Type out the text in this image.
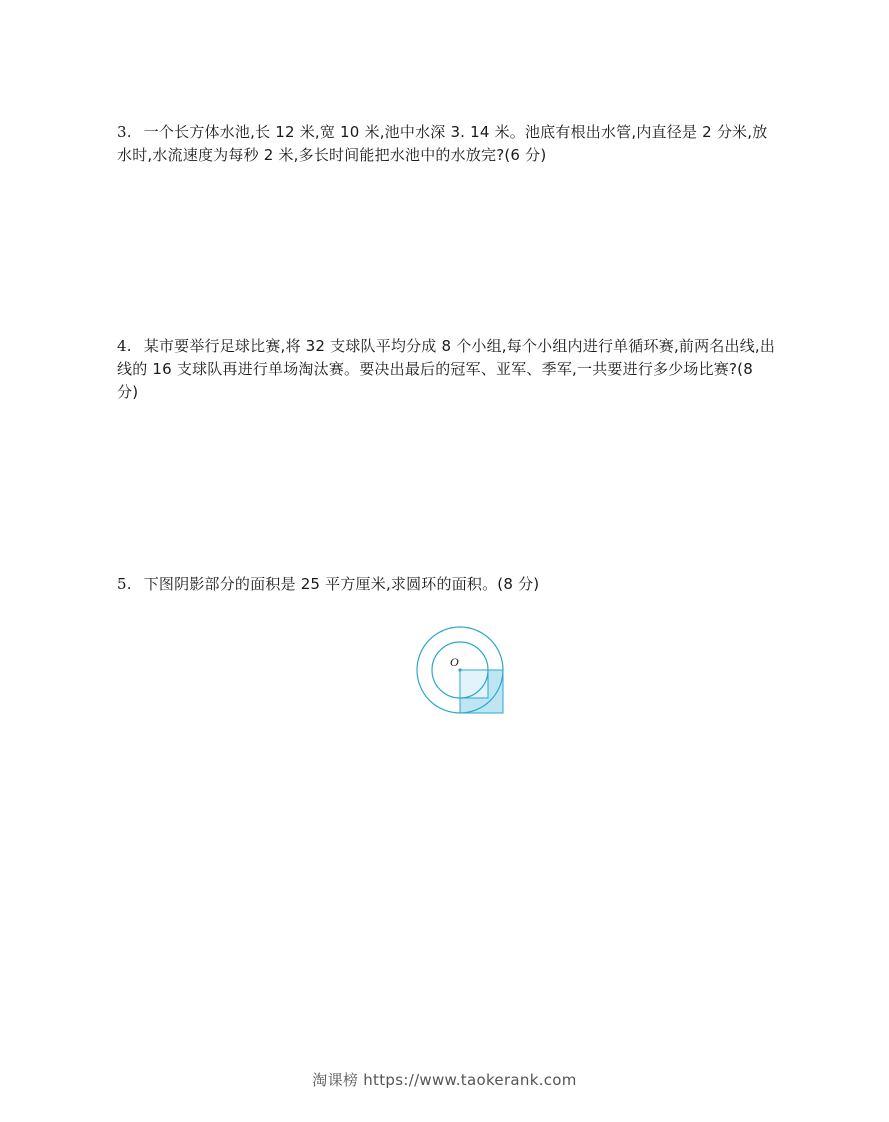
3. 一个长方体水池,长 12 米,宽 10 米,池中水深 3. 14 米。池底有根出水管,内直径是 2 分米,放水时,水流速度为每秒 2 米,多长时间能把水池中的水放完?(6 分)
4. 某市要举行足球比赛,将 32 支球队平均分成 8 个小组,每个小组内进行单循环赛,前两名出线,出线的 16 支球队再进行单场淘汰赛。要决出最后的冠军、亚军、季军,一共要进行多少场比赛?(8 分)
5. 下图阴影部分的面积是 25 平方厘米,求圆环的面积。(8 分)
O
淘课榜 https://www.taokerank.com
